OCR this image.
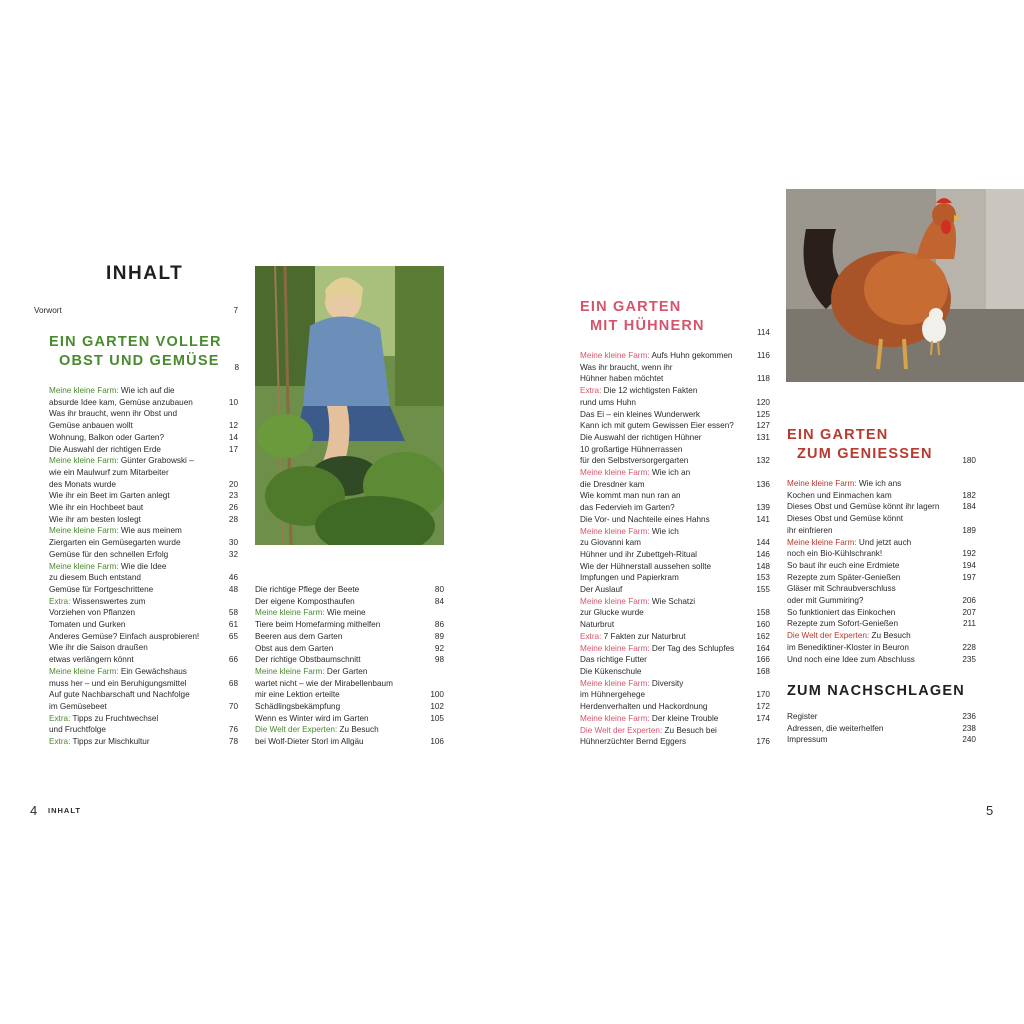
INHALT
Vorwort	7
EIN GARTEN VOLLER
OBST UND GEMÜSE	8
Meine kleine Farm: Wie ich auf die
absurde Idee kam, Gemüse anzubauen	10
Was ihr braucht, wenn ihr Obst und
Gemüse anbauen wollt	12
Wohnung, Balkon oder Garten?	14
Die Auswahl der richtigen Erde	17
Meine kleine Farm: Günter Grabowski –
wie ein Maulwurf zum Mitarbeiter
des Monats wurde	20
Wie ihr ein Beet im Garten anlegt	23
Wie ihr ein Hochbeet baut	26
Wie ihr am besten loslegt	28
Meine kleine Farm: Wie aus meinem
Ziergarten ein Gemüsegarten wurde	30
Gemüse für den schnellen Erfolg	32
Meine kleine Farm: Wie die Idee
zu diesem Buch entstand	46
Gemüse für Fortgeschrittene	48
Extra: Wissenswertes zum
Vorziehen von Pflanzen	58
Tomaten und Gurken	61
Anderes Gemüse? Einfach ausprobieren!	65
Wie ihr die Saison draußen
etwas verlängern könnt	66
Meine kleine Farm: Ein Gewächshaus
muss her – und ein Beruhigungsmittel	68
Auf gute Nachbarschaft und Nachfolge
im Gemüsebeet	70
Extra: Tipps zu Fruchtwechsel
und Fruchtfolge	76
Extra: Tipps zur Mischkultur	78
Die richtige Pflege der Beete	80
Der eigene Komposthaufen	84
Meine kleine Farm: Wie meine
Tiere beim Homefarming mithelfen	86
Beeren aus dem Garten	89
Obst aus dem Garten	92
Der richtige Obstbaumschnitt	98
Meine kleine Farm: Der Garten
wartet nicht – wie der Mirabellenbaum
mir eine Lektion erteilte	100
Schädlingsbekämpfung	102
Wenn es Winter wird im Garten	105
Die Welt der Experten: Zu Besuch
bei Wolf-Dieter Storl im Allgäu	106
4 INHALT
EIN GARTEN
MIT HÜHNERN	114
Meine kleine Farm: Aufs Huhn gekommen	116
Was ihr braucht, wenn ihr
Hühner haben möchtet	118
Extra: Die 12 wichtigsten Fakten
rund ums Huhn	120
Das Ei – ein kleines Wunderwerk	125
Kann ich mit gutem Gewissen Eier essen?	127
Die Auswahl der richtigen Hühner	131
10 großartige Hühnerrassen
für den Selbstversorgergarten	132
Meine kleine Farm: Wie ich an
die Dresdner kam	136
Wie kommt man nun ran an
das Federvieh im Garten?	139
Die Vor- und Nachteile eines Hahns	141
Meine kleine Farm: Wie ich
zu Giovanni kam	144
Hühner und ihr Zubettgeh-Ritual	146
Wie der Hühnerstall aussehen sollte	148
Impfungen und Papierkram	153
Der Auslauf	155
Meine kleine Farm: Wie Schatzi
zur Glucke wurde	158
Naturbrut	160
Extra: 7 Fakten zur Naturbrut	162
Meine kleine Farm: Der Tag des Schlupfes	164
Das richtige Futter	166
Die Kükenschule	168
Meine kleine Farm: Diversity
im Hühnergehege	170
Herdenverhalten und Hackordnung	172
Meine kleine Farm: Der kleine Trouble	174
Die Welt der Experten: Zu Besuch bei
Hühnerzüchter Bernd Eggers	176
EIN GARTEN
ZUM GENIESSEN	180
Meine kleine Farm: Wie ich ans
Kochen und Einmachen kam	182
Dieses Obst und Gemüse könnt ihr lagern	184
Dieses Obst und Gemüse könnt
ihr einfrieren	189
Meine kleine Farm: Und jetzt auch
noch ein Bio-Kühlschrank!	192
So baut ihr euch eine Erdmiete	194
Rezepte zum Später-Genießen	197
Gläser mit Schraubverschluss
oder mit Gummiring?	206
So funktioniert das Einkochen	207
Rezepte zum Sofort-Genießen	211
Die Welt der Experten: Zu Besuch
im Benediktiner-Kloster in Beuron	228
Und noch eine Idee zum Abschluss	235
ZUM NACHSCHLAGEN
Register	236
Adressen, die weiterhelfen	238
Impressum	240
5
